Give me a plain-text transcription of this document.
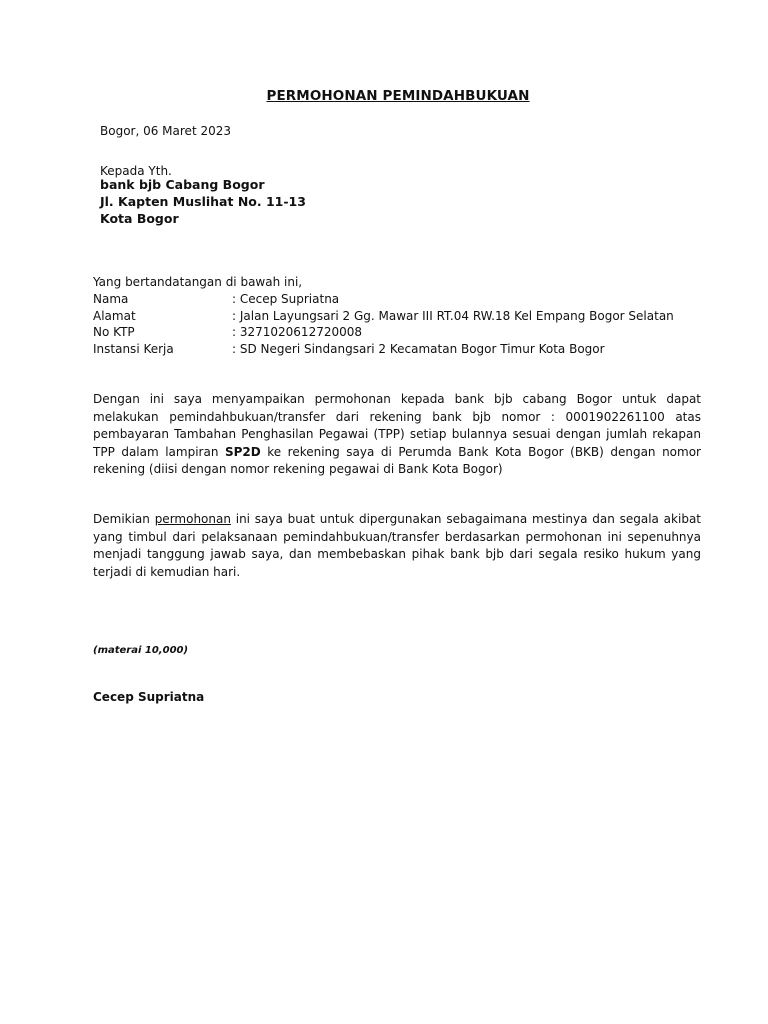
PERMOHONAN PEMINDAHBUKUAN
Bogor, 06 Maret 2023
Kepada Yth.
bank bjb Cabang Bogor
Jl. Kapten Muslihat No. 11-13
Kota Bogor
Yang bertandatangan di bawah ini,
Nama	: Cecep Supriatna
Alamat	: Jalan Layungsari 2 Gg. Mawar III RT.04 RW.18 Kel Empang Bogor Selatan
No KTP	: 3271020612720008
Instansi Kerja	: SD Negeri Sindangsari 2 Kecamatan Bogor Timur Kota Bogor
Dengan ini saya menyampaikan permohonan kepada bank bjb cabang Bogor untuk dapat melakukan pemindahbukuan/transfer dari rekening bank bjb nomor : 0001902261100 atas pembayaran Tambahan Penghasilan Pegawai (TPP) setiap bulannya sesuai dengan jumlah rekapan TPP dalam lampiran SP2D ke rekening saya di Perumda Bank Kota Bogor (BKB) dengan nomor rekening (diisi dengan nomor rekening pegawai di Bank Kota Bogor)
Demikian permohonan ini saya buat untuk dipergunakan sebagaimana mestinya dan segala akibat yang timbul dari pelaksanaan pemindahbukuan/transfer berdasarkan permohonan ini sepenuhnya menjadi tanggung jawab saya, dan membebaskan pihak bank bjb dari segala resiko hukum yang terjadi di kemudian hari.
(materai 10,000)
Cecep Supriatna
